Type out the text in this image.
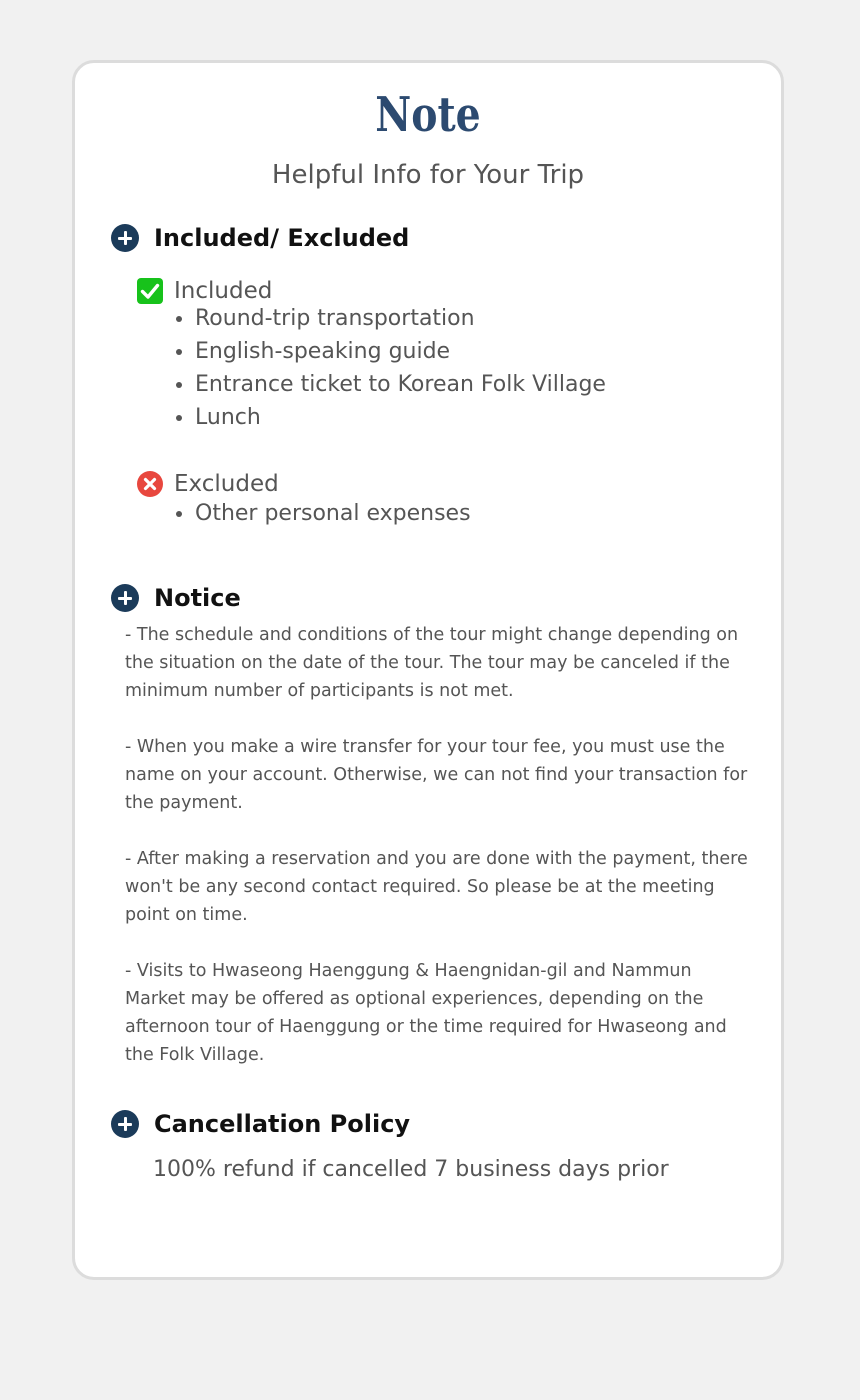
Note

Helpful Info for Your Trip

Included/ Excluded
Included
• Round-trip transportation
• English-speaking guide
• Entrance ticket to Korean Folk Village
• Lunch
Excluded
• Other personal expenses
Notice

- The schedule and conditions of the tour might change depending on the situation on the date of the tour. The tour may be canceled if the minimum number of participants is not met.

- When you make a wire transfer for your tour fee, you must use the name on your account. Otherwise, we can not find your transaction for the payment.

- After making a reservation and you are done with the payment, there won't be any second contact required. So please be at the meeting point on time.

- Visits to Hwaseong Haenggung & Haengnidan-gil and Nammun Market may be offered as optional experiences, depending on the afternoon tour of Haenggung or the time required for Hwaseong and the Folk Village.

Cancellation Policy

100% refund if cancelled 7 business days prior
